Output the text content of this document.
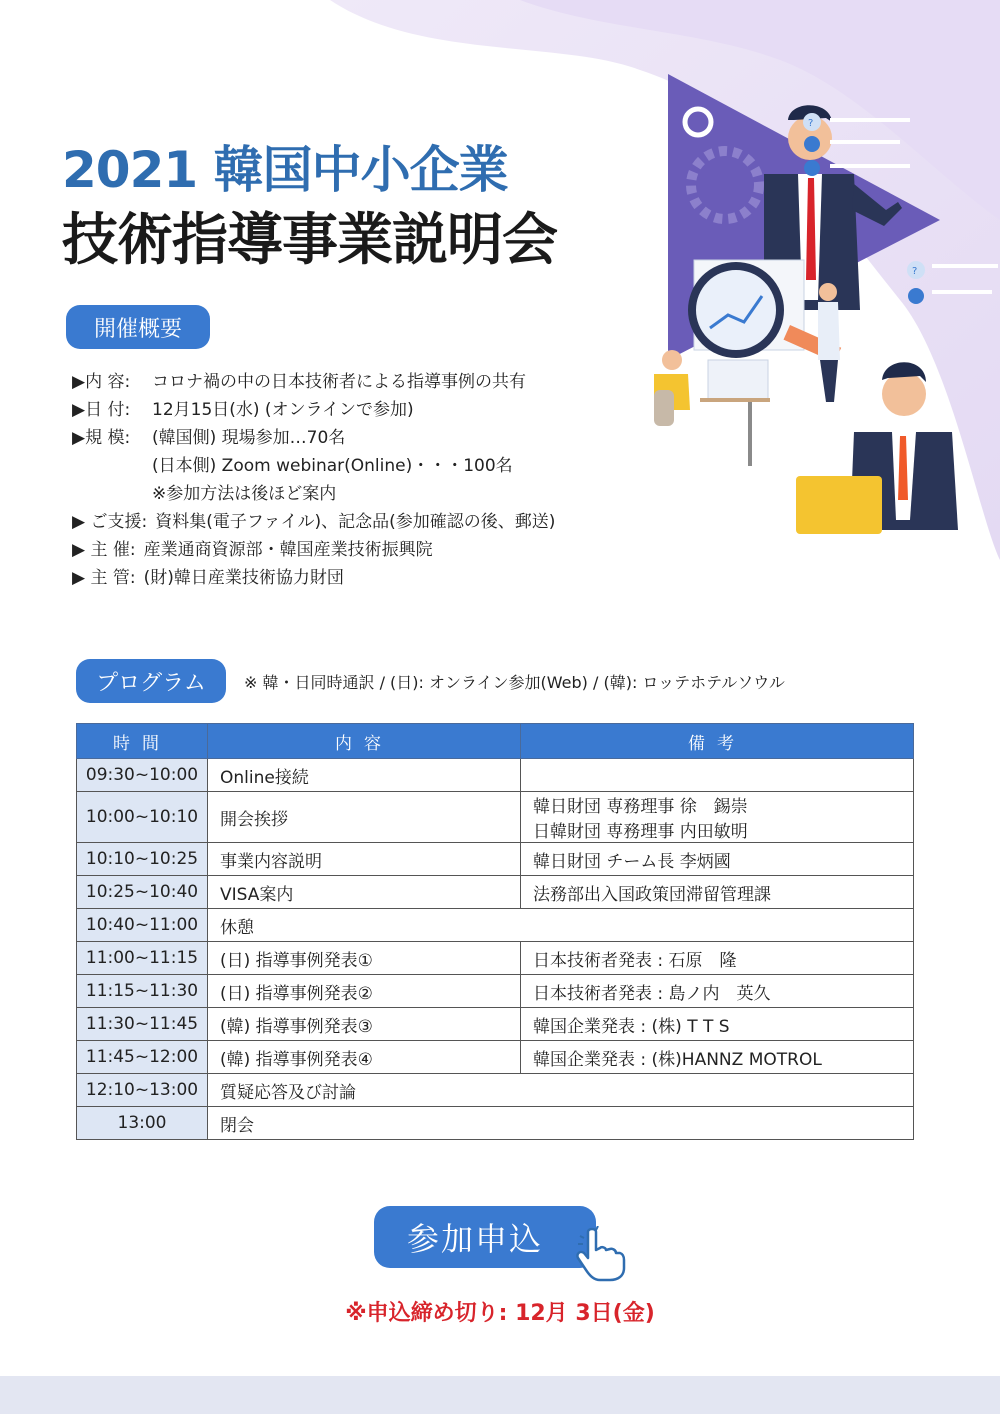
2021 韓国中小企業
技術指導事業説明会
?
?
開催概要
▶内 容:	コロナ禍の中の日本技術者による指導事例の共有
▶日 付:	12月15日(水) (オンラインで参加)
▶規 模:	(韓国側) 現場参加…70名
(日本側) Zoom webinar(Online)・・・100名
※参加方法は後ほど案内
▶ ご支援: 資料集(電子ファイル)、記念品(参加確認の後、郵送)
▶ 主 催: 産業通商資源部・韓国産業技術振興院
▶ 主 管: (財)韓日産業技術協力財団
プログラム	※ 韓・日同時通訳 / (日): オンライン参加(Web) / (韓): ロッテホテルソウル
時間	内容	備考
09:30~10:00	Online接続	
10:00~10:10	開会挨拶	韓日財団 専務理事 徐　錫崇
日韓財団 専務理事 内田敏明

10:10~10:25	事業内容説明	韓日財団 チーム長 李炳國
10:25~10:40	VISA案内	法務部出入国政策団滞留管理課
10:40~11:00	休憩	
11:00~11:15	(日) 指導事例発表①	日本技術者発表 : 石原　隆
11:15~11:30	(日) 指導事例発表②	日本技術者発表 : 島ノ内　英久
11:30~11:45	(韓) 指導事例発表③	韓国企業発表 : (株) T T S
11:45~12:00	(韓) 指導事例発表④	韓国企業発表 : (株)HANNZ MOTROL
12:10~13:00	質疑応答及び討論	
13:00	閉会	
参加申込
※申込締め切り: 12月 3日(金)
